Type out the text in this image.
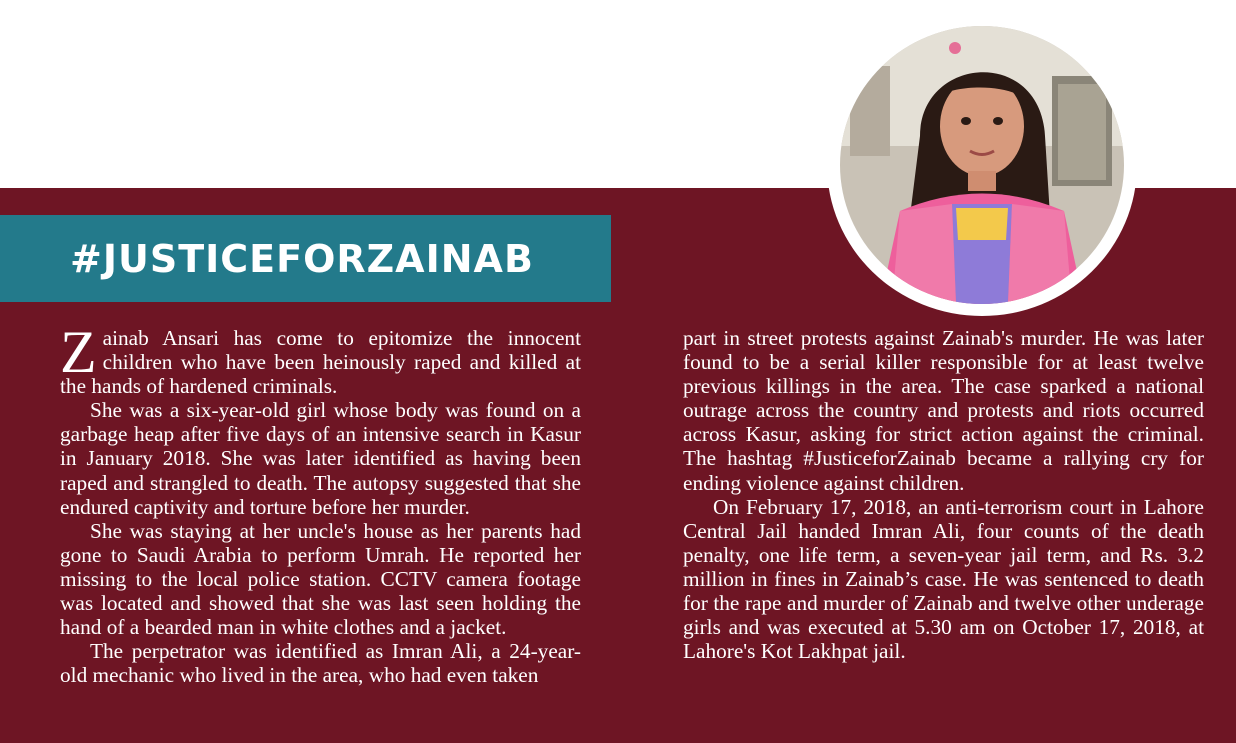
#JUSTICEFORZAINAB

Zainab Ansari has come to epitomize the innocent children who have been heinously raped and killed at the hands of hardened criminals.

She was a six-year-old girl whose body was found on a garbage heap after five days of an intensive search in Kasur in January 2018. She was later identified as having been raped and strangled to death. The autopsy suggested that she endured captivity and torture before her murder.

She was staying at her uncle's house as her parents had gone to Saudi Arabia to perform Umrah. He reported her missing to the local police station. CCTV camera footage was located and showed that she was last seen holding the hand of a bearded man in white clothes and a jacket.

The perpetrator was identified as Imran Ali, a 24-year-old mechanic who lived in the area, who had even taken

part in street protests against Zainab's murder. He was later found to be a serial killer responsible for at least twelve previous killings in the area. The case sparked a national outrage across the country and protests and riots occurred across Kasur, asking for strict action against the criminal. The hashtag #JusticeforZainab became a rallying cry for ending violence against children.

On February 17, 2018, an anti-terrorism court in Lahore Central Jail handed Imran Ali, four counts of the death penalty, one life term, a seven-year jail term, and Rs. 3.2 million in fines in Zainab’s case. He was sentenced to death for the rape and murder of Zainab and twelve other underage girls and was executed at 5.30 am on October 17, 2018, at Lahore's Kot Lakhpat jail.
